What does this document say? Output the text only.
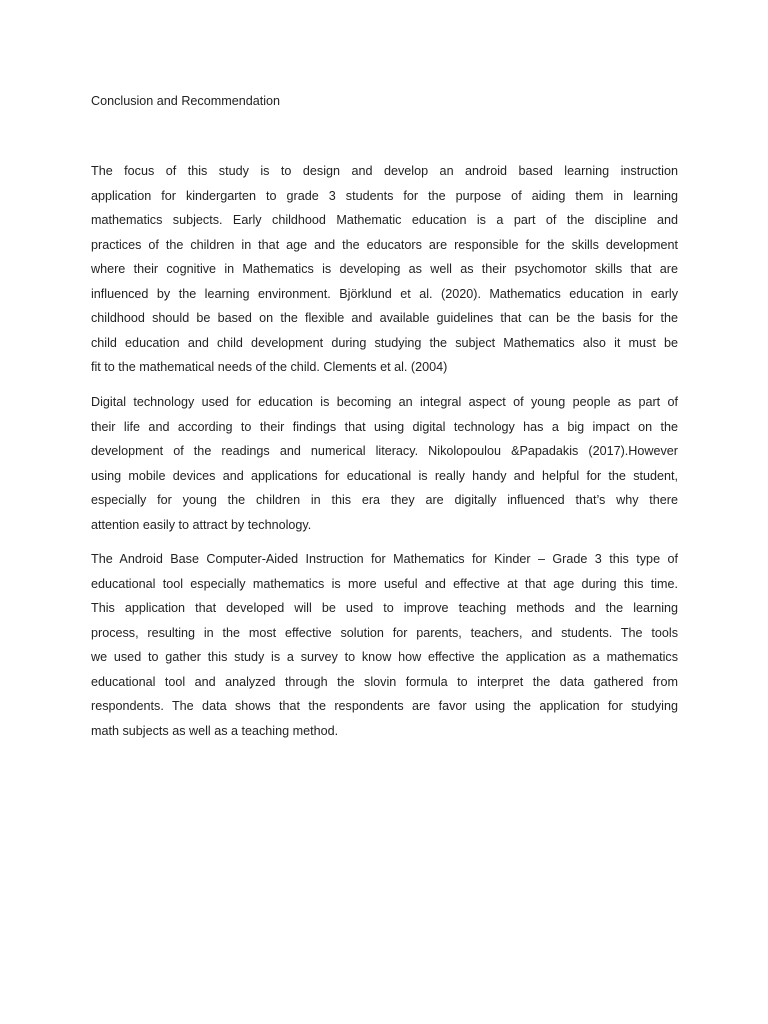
Conclusion and Recommendation
The focus of this study is to design and develop an android based learning instruction
application for kindergarten to grade 3 students for the purpose of aiding them in learning
mathematics subjects. Early childhood Mathematic education is a part of the discipline and
practices of the children in that age and the educators are responsible for the skills development
where their cognitive in Mathematics is developing as well as their psychomotor skills that are
influenced by the learning environment. Björklund et al. (2020). Mathematics education in early
childhood should be based on the flexible and available guidelines that can be the basis for the
child education and child development during studying the subject Mathematics also it must be
fit to the mathematical needs of the child. Clements et al. (2004)
Digital technology used for education is becoming an integral aspect of young people as part of
their life and according to their findings that using digital technology has a big impact on the
development of the readings and numerical literacy. Nikolopoulou &Papadakis (2017).However
using mobile devices and applications for educational is really handy and helpful for the student,
especially for young the children in this era they are digitally influenced that’s why there
attention easily to attract by technology.
The Android Base Computer-Aided Instruction for Mathematics for Kinder – Grade 3 this type of
educational tool especially mathematics is more useful and effective at that age during this time.
This application that developed will be used to improve teaching methods and the learning
process, resulting in the most effective solution for parents, teachers, and students. The tools
we used to gather this study is a survey to know how effective the application as a mathematics
educational tool and analyzed through the slovin formula to interpret the data gathered from
respondents. The data shows that the respondents are favor using the application for studying
math subjects as well as a teaching method.
